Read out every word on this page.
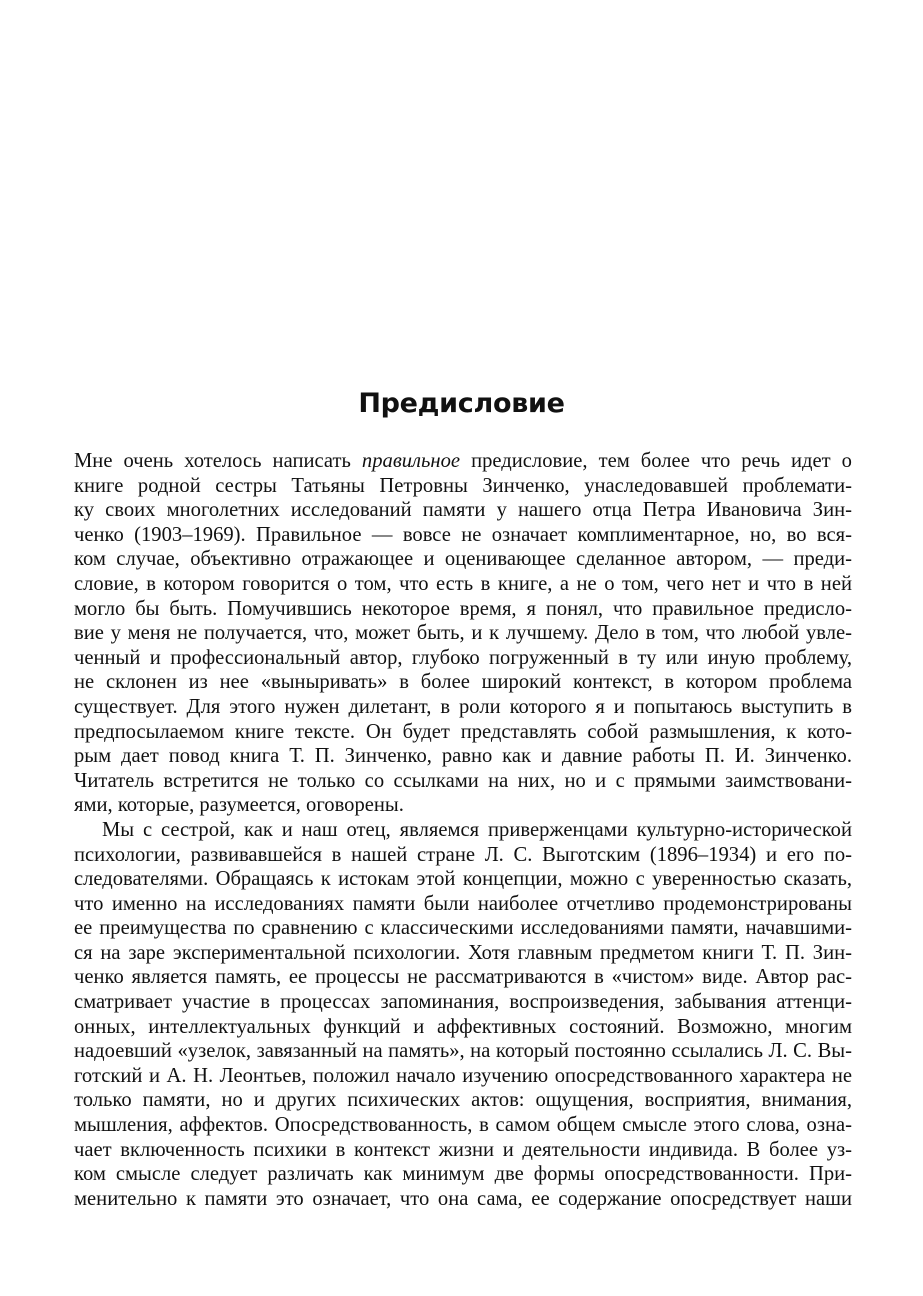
Предисловие
Мне очень хотелось написать правильное предисловие, тем более что речь идет о
книге родной сестры Татьяны Петровны Зинченко, унаследовавшей проблемати-
ку своих многолетних исследований памяти у нашего отца Петра Ивановича Зин-
ченко (1903–1969). Правильное — вовсе не означает комплиментарное, но, во вся-
ком случае, объективно отражающее и оценивающее сделанное автором, — преди-
словие, в котором говорится о том, что есть в книге, а не о том, чего нет и что в ней
могло бы быть. Помучившись некоторое время, я понял, что правильное предисло-
вие у меня не получается, что, может быть, и к лучшему. Дело в том, что любой увле-
ченный и профессиональный автор, глубоко погруженный в ту или иную проблему,
не склонен из нее «выныривать» в более широкий контекст, в котором проблема
существует. Для этого нужен дилетант, в роли которого я и попытаюсь выступить в
предпосылаемом книге тексте. Он будет представлять собой размышления, к кото-
рым дает повод книга Т. П. Зинченко, равно как и давние работы П. И. Зинченко.
Читатель встретится не только со ссылками на них, но и с прямыми заимствовани-
ями, которые, разумеется, оговорены.
Мы с сестрой, как и наш отец, являемся приверженцами культурно-исторической
психологии, развивавшейся в нашей стране Л. С. Выготским (1896–1934) и его по-
следователями. Обращаясь к истокам этой концепции, можно с уверенностью сказать,
что именно на исследованиях памяти были наиболее отчетливо продемонстрированы
ее преимущества по сравнению с классическими исследованиями памяти, начавшими-
ся на заре экспериментальной психологии. Хотя главным предметом книги Т. П. Зин-
ченко является память, ее процессы не рассматриваются в «чистом» виде. Автор рас-
сматривает участие в процессах запоминания, воспроизведения, забывания аттенци-
онных, интеллектуальных функций и аффективных состояний. Возможно, многим
надоевший «узелок, завязанный на память», на который постоянно ссылались Л. С. Вы-
готский и А. Н. Леонтьев, положил начало изучению опосредствованного характера не
только памяти, но и других психических актов: ощущения, восприятия, внимания,
мышления, аффектов. Опосредствованность, в самом общем смысле этого слова, озна-
чает включенность психики в контекст жизни и деятельности индивида. В более уз-
ком смысле следует различать как минимум две формы опосредствованности. При-
менительно к памяти это означает, что она сама, ее содержание опосредствует наши
